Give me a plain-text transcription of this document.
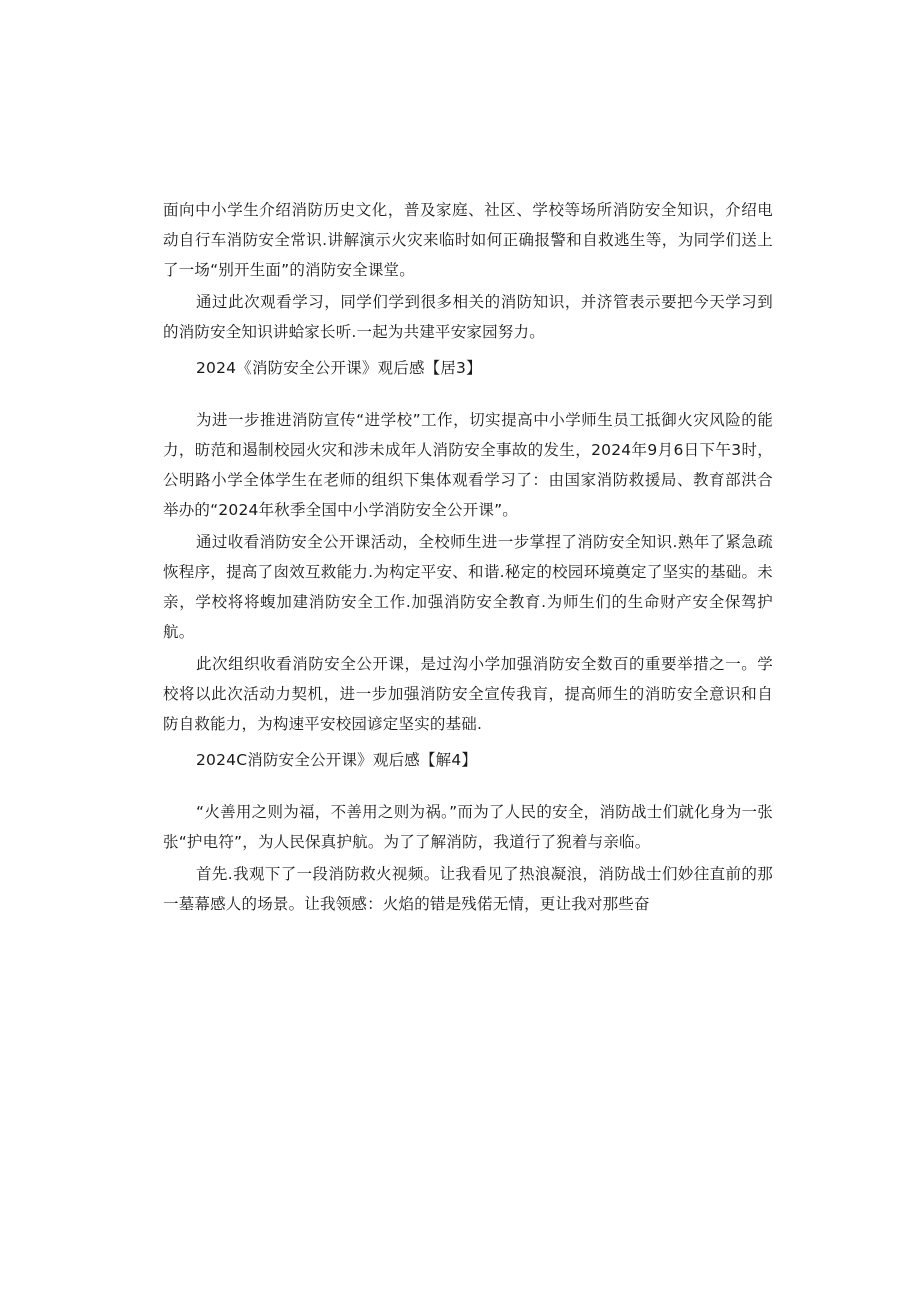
面向中小学生介绍消防历史文化，普及家庭、社区、学校等场所消防安全知识，介绍电动自行车消防安全常识.讲解演示火灾来临时如何正确报警和自救逃生等，为同学们送上了一场“别开生面”的消防安全课堂。

通过此次观看学习，同学们学到很多相关的消防知识，并济管表示要把今天学习到的消防安全知识讲蛤家长听.一起为共建平安家园努力。

2024《消防安全公开课》观后感【居3】

为进一步推进消防宣传“进学校”工作，切实提高中小学师生员工抵御火灾风险的能力，昉范和遏制校园火灾和涉未成年人消防安全事故的发生，2024年9月6日下午3时，公明路小学全体学生在老师的组织下集体观看学习了：由国家消防救援局、教育部洪合举办的“2024年秋季全国中小学消防安全公开课”。

通过收看消防安全公开课活动，全校师生进一步掌捏了消防安全知识.熟年了紧急疏恢程序，提高了囱效互救能力.为构定平安、和谐.秘定的校园环境奠定了坚实的基础。未亲，学校将将蝮加建消防安全工作.加强消防安全教育.为师生们的生命财产安全保驾护航。

此次组织收看消防安全公开课，是过沟小学加强消防安全数百的重要举措之一。学校将以此次活动力契机，进一步加强消防安全宣传我肓，提高师生的消昉安全意识和自防自救能力，为构速平安校园谚定坚实的基础.

2024C消防安全公开课》观后感【解4】

“火善用之则为福，不善用之则为祸。”而为了人民的安全，消防战士们就化身为一张张“护电符”，为人民保真护航。为了了解消防，我道行了猊着与亲临。

首先.我观下了一段消防救火视频。让我看见了热浪凝浪，消防战士们妙往直前的那一墓幕感人的场景。让我领感：火焰的错是残偌无情，更让我对那些奋
